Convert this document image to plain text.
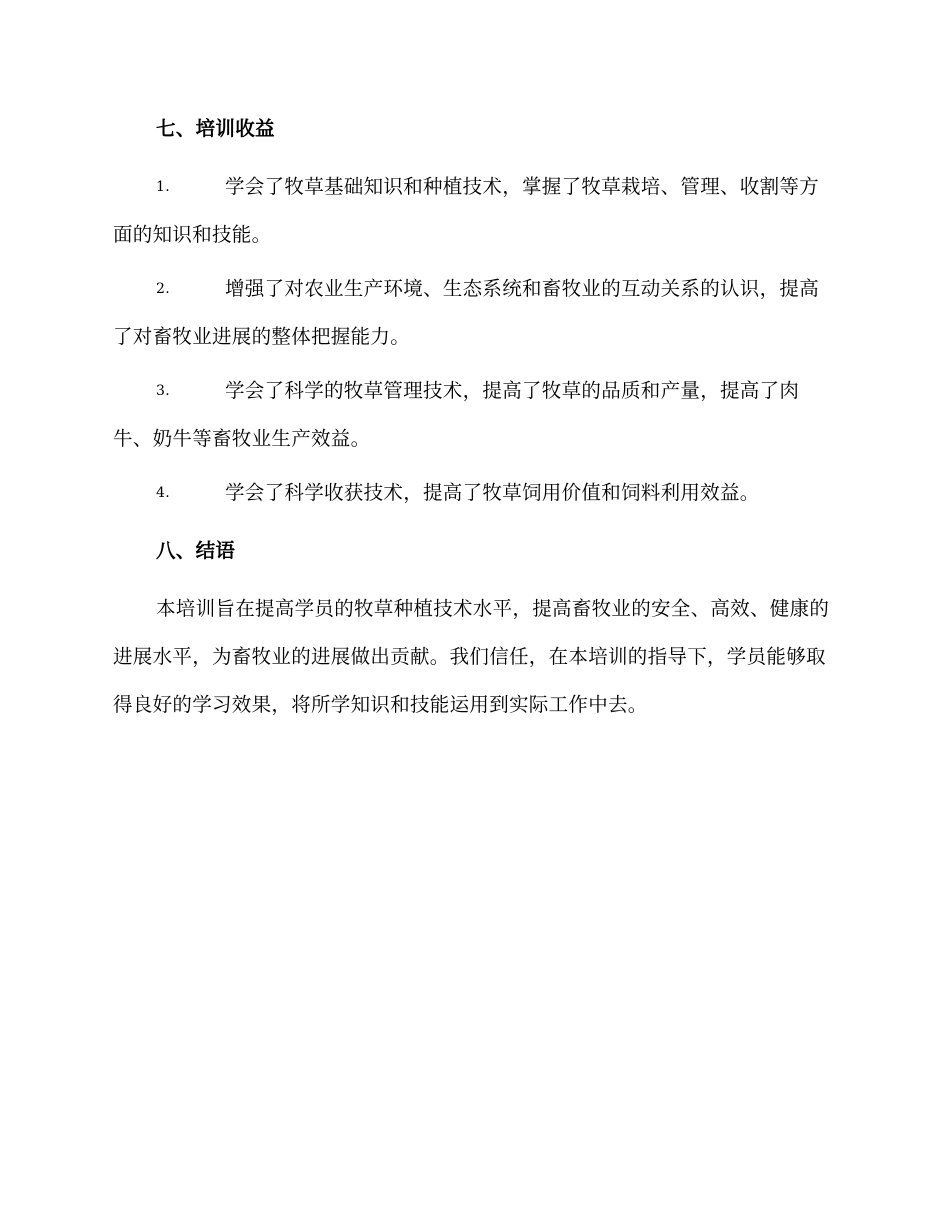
七、培训收益
1.	学会了牧草基础知识和种植技术，掌握了牧草栽培、管理、收割等方面的知识和技能。
2.	增强了对农业生产环境、生态系统和畜牧业的互动关系的认识，提高了对畜牧业进展的整体把握能力。
3.	学会了科学的牧草管理技术，提高了牧草的品质和产量，提高了肉牛、奶牛等畜牧业生产效益。
4.	学会了科学收获技术，提高了牧草饲用价值和饲料利用效益。
八、结语
本培训旨在提高学员的牧草种植技术水平，提高畜牧业的安全、高效、健康的进展水平，为畜牧业的进展做出贡献。我们信任，在本培训的指导下，学员能够取得良好的学习效果，将所学知识和技能运用到实际工作中去。
